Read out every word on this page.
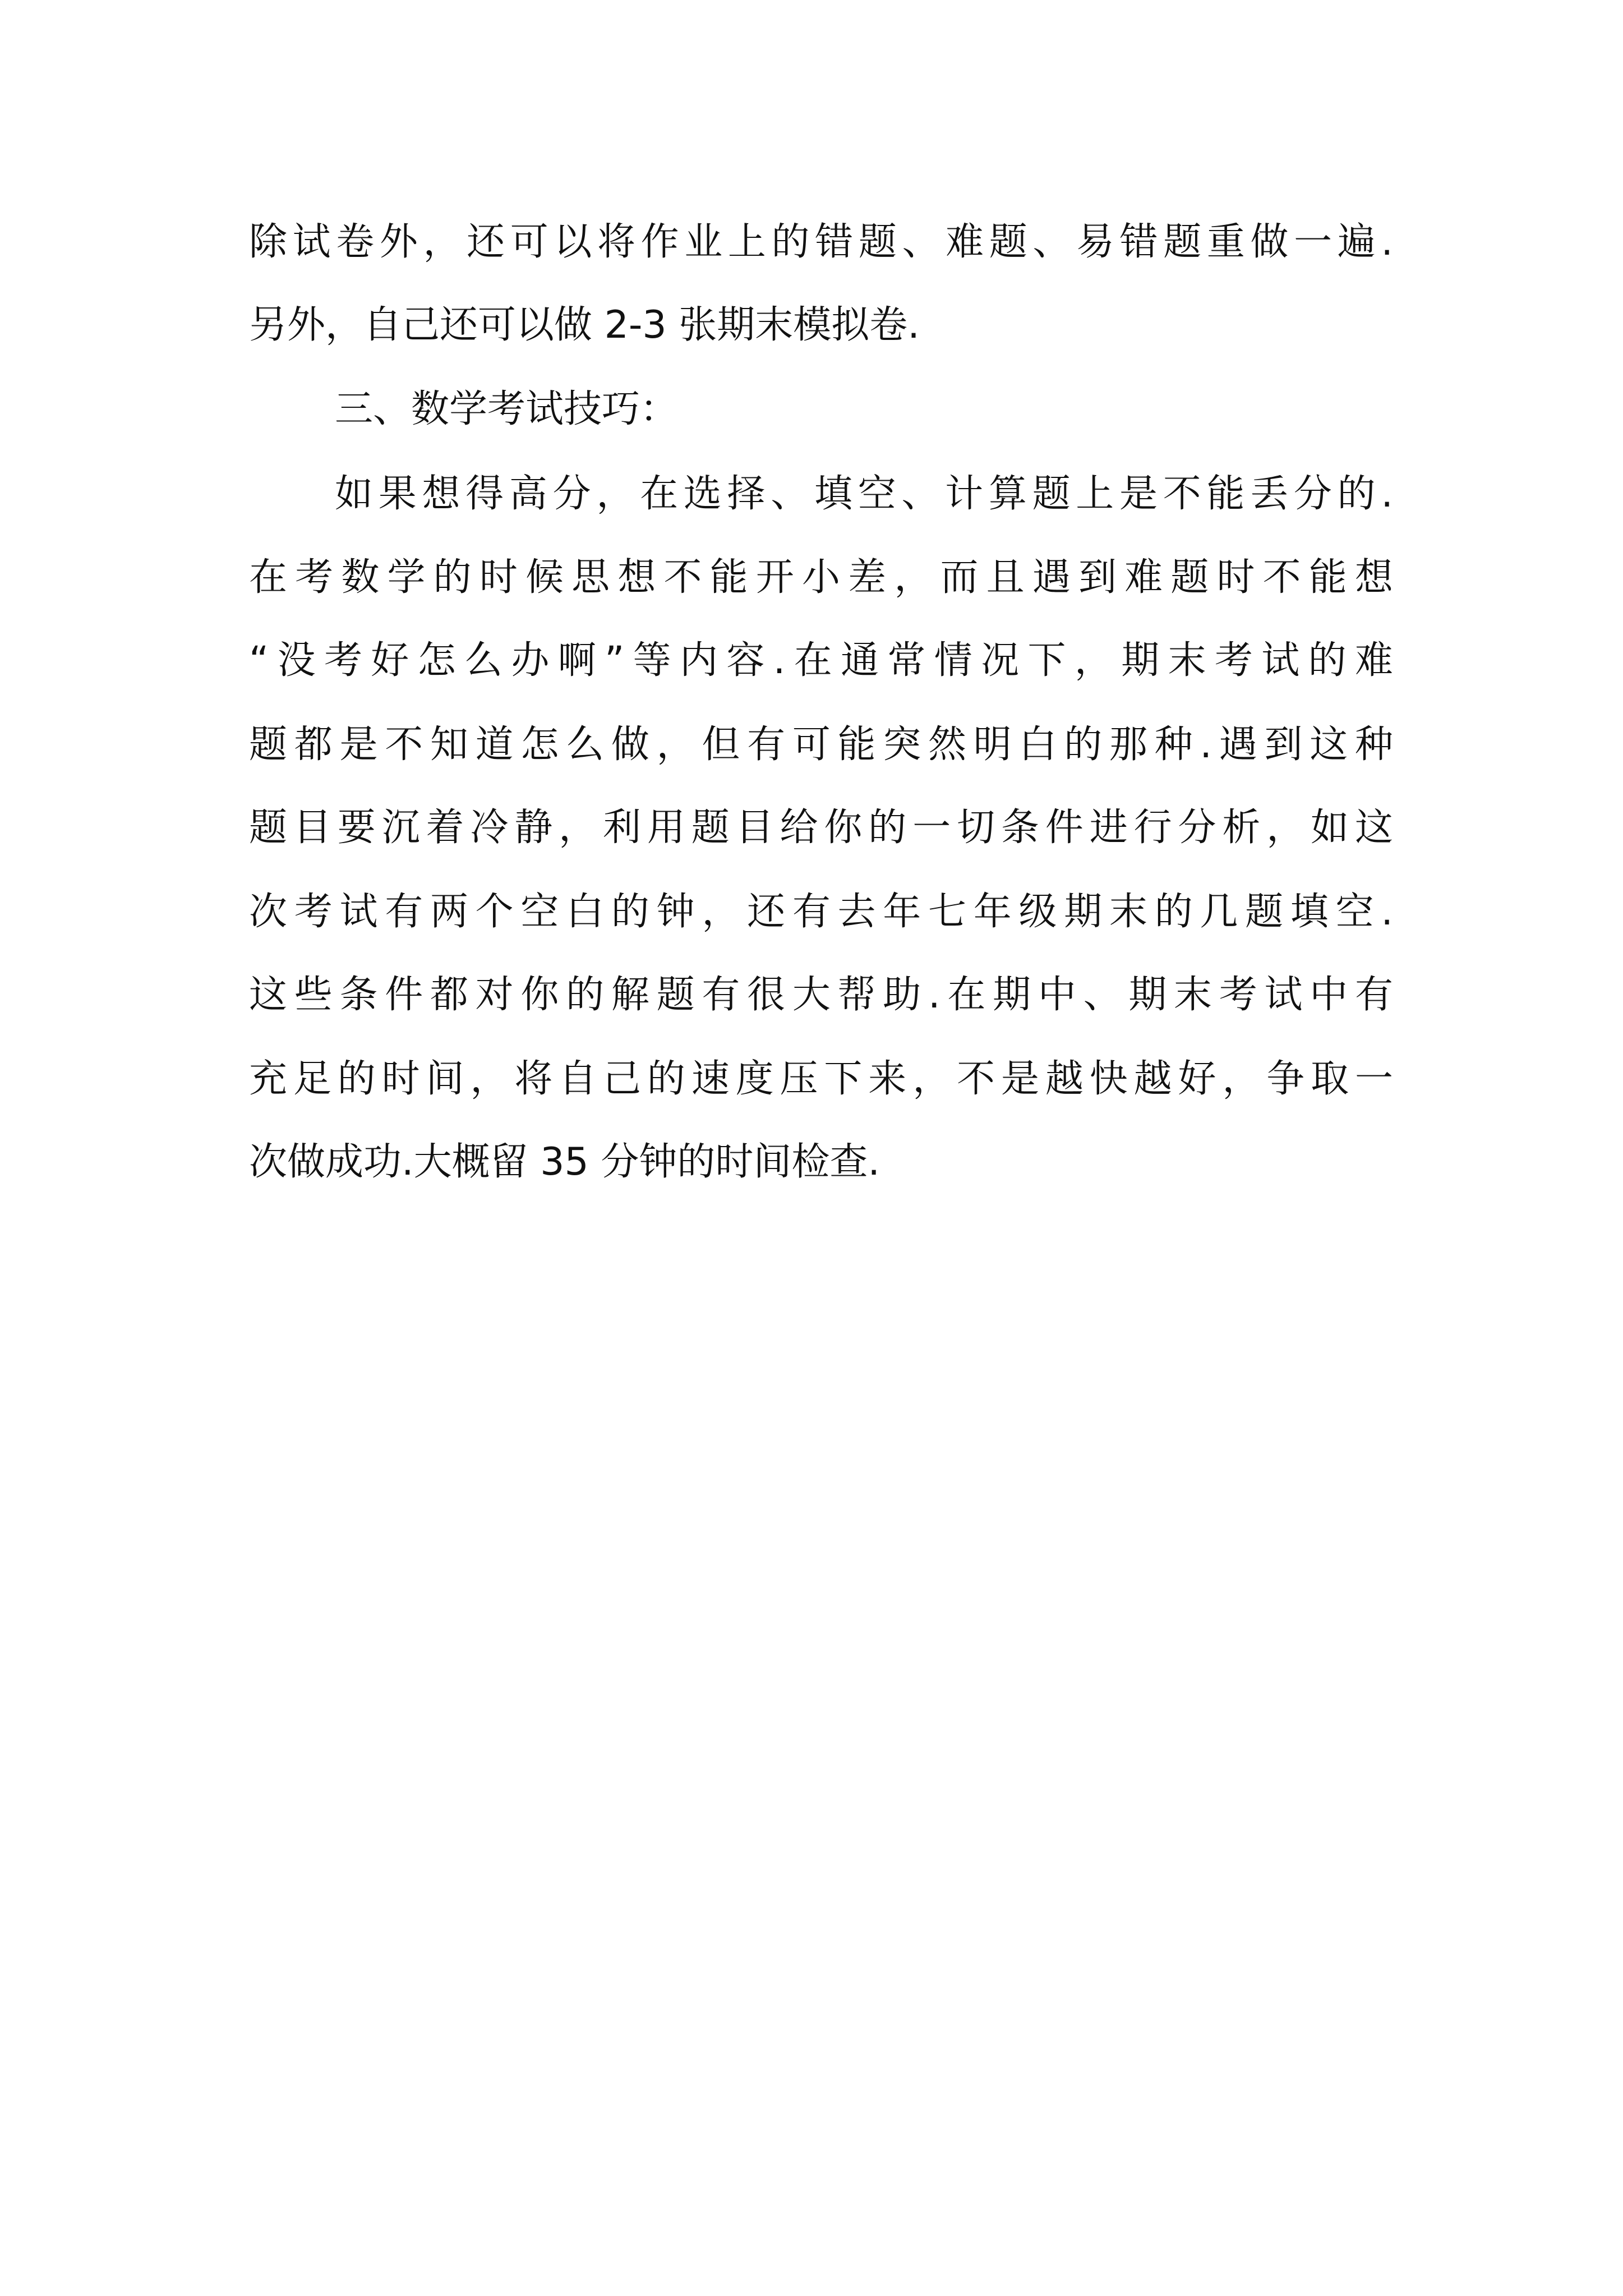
除试卷外，还可以将作业上的错题、难题、易错题重做一遍.

另外，自己还可以做 2-3 张期末模拟卷.

三、数学考试技巧：

如果想得高分，在选择、填空、计算题上是不能丢分的.

在考数学的时候思想不能开小差，而且遇到难题时不能想

“没考好怎么办啊”等内容.在通常情况下，期末考试的难

题都是不知道怎么做，但有可能突然明白的那种.遇到这种

题目要沉着冷静，利用题目给你的一切条件进行分析，如这

次考试有两个空白的钟，还有去年七年级期末的几题填空.

这些条件都对你的解题有很大帮助.在期中、期末考试中有

充足的时间，将自己的速度压下来，不是越快越好，争取一

次做成功.大概留 35 分钟的时间检查.
